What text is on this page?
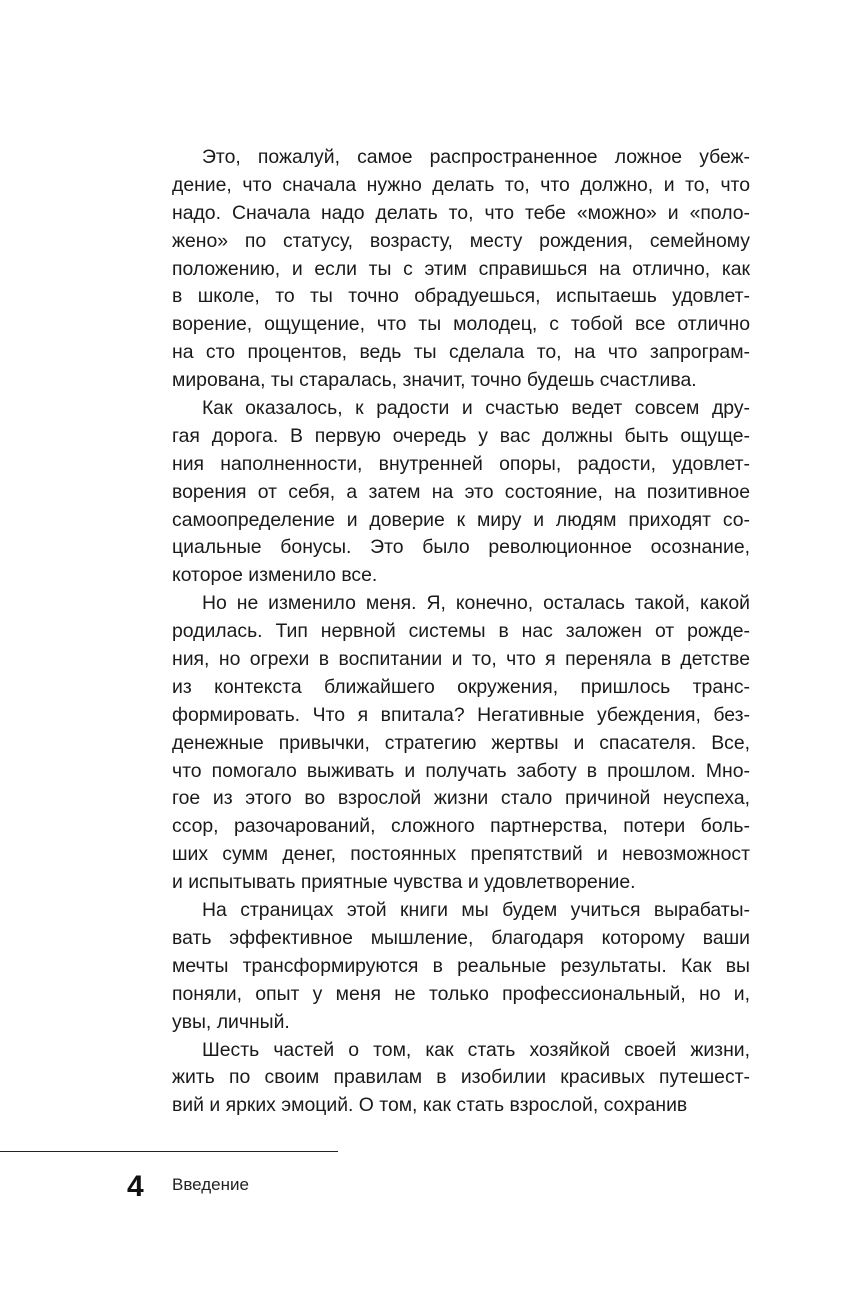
Это, пожалуй, самое распространенное ложное убеж-
дение, что сначала нужно делать то, что должно, и то, что
надо. Сначала надо делать то, что тебе «можно» и «поло-
жено» по статусу, возрасту, месту рождения, семейному
положению, и если ты с этим справишься на отлично, как
в школе, то ты точно обрадуешься, испытаешь удовлет-
ворение, ощущение, что ты молодец, с тобой все отлично
на сто процентов, ведь ты сделала то, на что запрограм-
мирована, ты старалась, значит, точно будешь счастлива.
Как оказалось, к радости и счастью ведет совсем дру-
гая дорога. В первую очередь у вас должны быть ощуще-
ния наполненности, внутренней опоры, радости, удовлет-
ворения от себя, а затем на это состояние, на позитивное
самоопределение и доверие к миру и людям приходят со-
циальные бонусы. Это было революционное осознание,
которое изменило все.
Но не изменило меня. Я, конечно, осталась такой, какой
родилась. Тип нервной системы в нас заложен от рожде-
ния, но огрехи в воспитании и то, что я переняла в детстве
из контекста ближайшего окружения, пришлось транс-
формировать. Что я впитала? Негативные убеждения, без-
денежные привычки, стратегию жертвы и спасателя. Все,
что помогало выживать и получать заботу в прошлом. Мно-
гое из этого во взрослой жизни стало причиной неуспеха,
ссор, разочарований, сложного партнерства, потери боль-
ших сумм денег, постоянных препятствий и невозможност
и испытывать приятные чувства и удовлетворение.
На страницах этой книги мы будем учиться вырабаты-
вать эффективное мышление, благодаря которому ваши
мечты трансформируются в реальные результаты. Как вы
поняли, опыт у меня не только профессиональный, но и,
увы, личный.
Шесть частей о том, как стать хозяйкой своей жизни,
жить по своим правилам в изобилии красивых путешест-
вий и ярких эмоций. О том, как стать взрослой, сохранив
4 Введение
